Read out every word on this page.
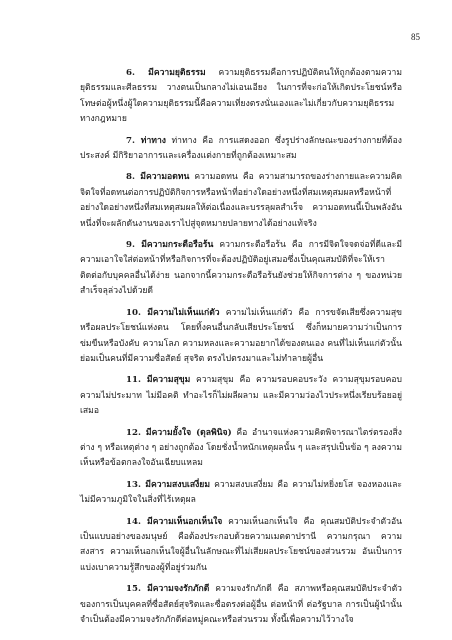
85

6. มีความยุติธรรม ความยุติธรรมคือการปฏิบัติตนให้ถูกต้องตามความยุติธรรมและศีลธรรม วางตนเป็นกลางไม่เอนเอียง ในการที่จะก่อให้เกิดประโยชน์หรือโทษต่อผู้หนึ่งผู้ใดความยุติธรรมนี้คือความเที่ยงตรงนั่นเองและไม่เกี่ยวกับความยุติธรรมทางกฎหมาย

7. ท่าทาง ท่าทาง คือ การแสดงออก ซึ่งรูปร่างลักษณะของร่างกายที่ต้องประสงค์ มีกิริยาอาการและเครื่องแต่งกายที่ถูกต้องเหมาะสม

8. มีความอดทน ความอดทน คือ ความสามารถของร่างกายและความคิดจิตใจที่อดทนต่อการปฏิบัติกิจการหรือหน้าที่อย่างใดอย่างหนึ่งที่สมเหตุสมผลหรือหน้าที่อย่างใดอย่างหนึ่งที่สมเหตุสมผลให้ต่อเนื่องและบรรลุผลสำเร็จ ความอดทนนี้เป็นพลังอันหนึ่งที่จะผลักดันงานของเราไปสู่จุดหมายปลายทางได้อย่างแท้จริง

9. มีความกระตือรือร้น ความกระตือรือร้น คือ การมีจิตใจจดจ่อที่ดีและมีความเอาใจใส่ต่อหน้าที่หรือกิจการที่จะต้องปฏิบัติอยู่เสมอซึ่งเป็นคุณสมบัติที่จะให้เราติดต่อกับบุคคลอื่นได้ง่าย นอกจากนี้ความกระตือรือร้นยังช่วยให้กิจการต่าง ๆ ของหน่วยสำเร็จลุล่วงไปด้วยดี

10. มีความไม่เห็นแก่ตัว ความไม่เห็นแก่ตัว คือ การขจัดเสียซึ่งความสุขหรือผลประโยชน์แห่งตน โดยทิ้งคนอื่นกลับเสียประโยชน์ ซึ่งก็หมายความว่าเป็นการข่มขืนหรือบังคับ ความโลภ ความหลงและความอยากได้ของตนเอง คนที่ไม่เห็นแก่ตัวนั้นย่อมเป็นคนที่มีความซื่อสัตย์ สุจริต ตรงไปตรงมาและไม่ทำลายผู้อื่น

11. มีความสุขุม ความสุขุม คือ ความรอบคอบระวัง ความสุขุมรอบคอบความไม่ประมาท ไม่มีอคติ ทำอะไรก็ไม่ผลีผลาม และมีความว่องไวประหนึ่งเรียบร้อยอยู่เสมอ

12. มีความยั้งใจ (ดุลพินิจ) คือ อำนาจแห่งความคิดพิจารณาไตร่ตรองสิ่งต่าง ๆ หรือเหตุต่าง ๆ อย่างถูกต้อง โดยชั่งน้ำหนักเหตุผลนั้น ๆ และสรุปเป็นข้อ ๆ ลงความเห็นหรือข้อตกลงใจอันเฉียบแหลม

13. มีความสงบเสงี่ยม ความสงบเสงี่ยม คือ ความไม่หยิ่งยโส จองหองและไม่มีความภูมิใจในสิ่งที่ไร้เหตุผล

14. มีความเห็นอกเห็นใจ ความเห็นอกเห็นใจ คือ คุณสมบัติประจำตัวอันเป็นแบบอย่างของมนุษย์ คือต้องประกอบด้วยความเมตตาปรานี ความกรุณา ความสงสาร ความเห็นอกเห็นใจผู้อื่นในลักษณะที่ไม่เสียผลประโยชน์ของส่วนรวม อันเป็นการแบ่งเบาความรู้สึกของผู้ที่อยู่ร่วมกัน

15. มีความจงรักภักดี ความจงรักภักดี คือ สภาพหรือคุณสมบัติประจำตัวของการเป็นบุคคลที่ซื่อสัตย์สุจริตและซื่อตรงต่อผู้อื่น ต่อหน้าที่ ต่อรัฐบาล การเป็นผู้นำนั้นจำเป็นต้องมีความจงรักภักดีต่อหมู่คณะหรือส่วนรวม ทั้งนี้เพื่อความไว้วางใจ
